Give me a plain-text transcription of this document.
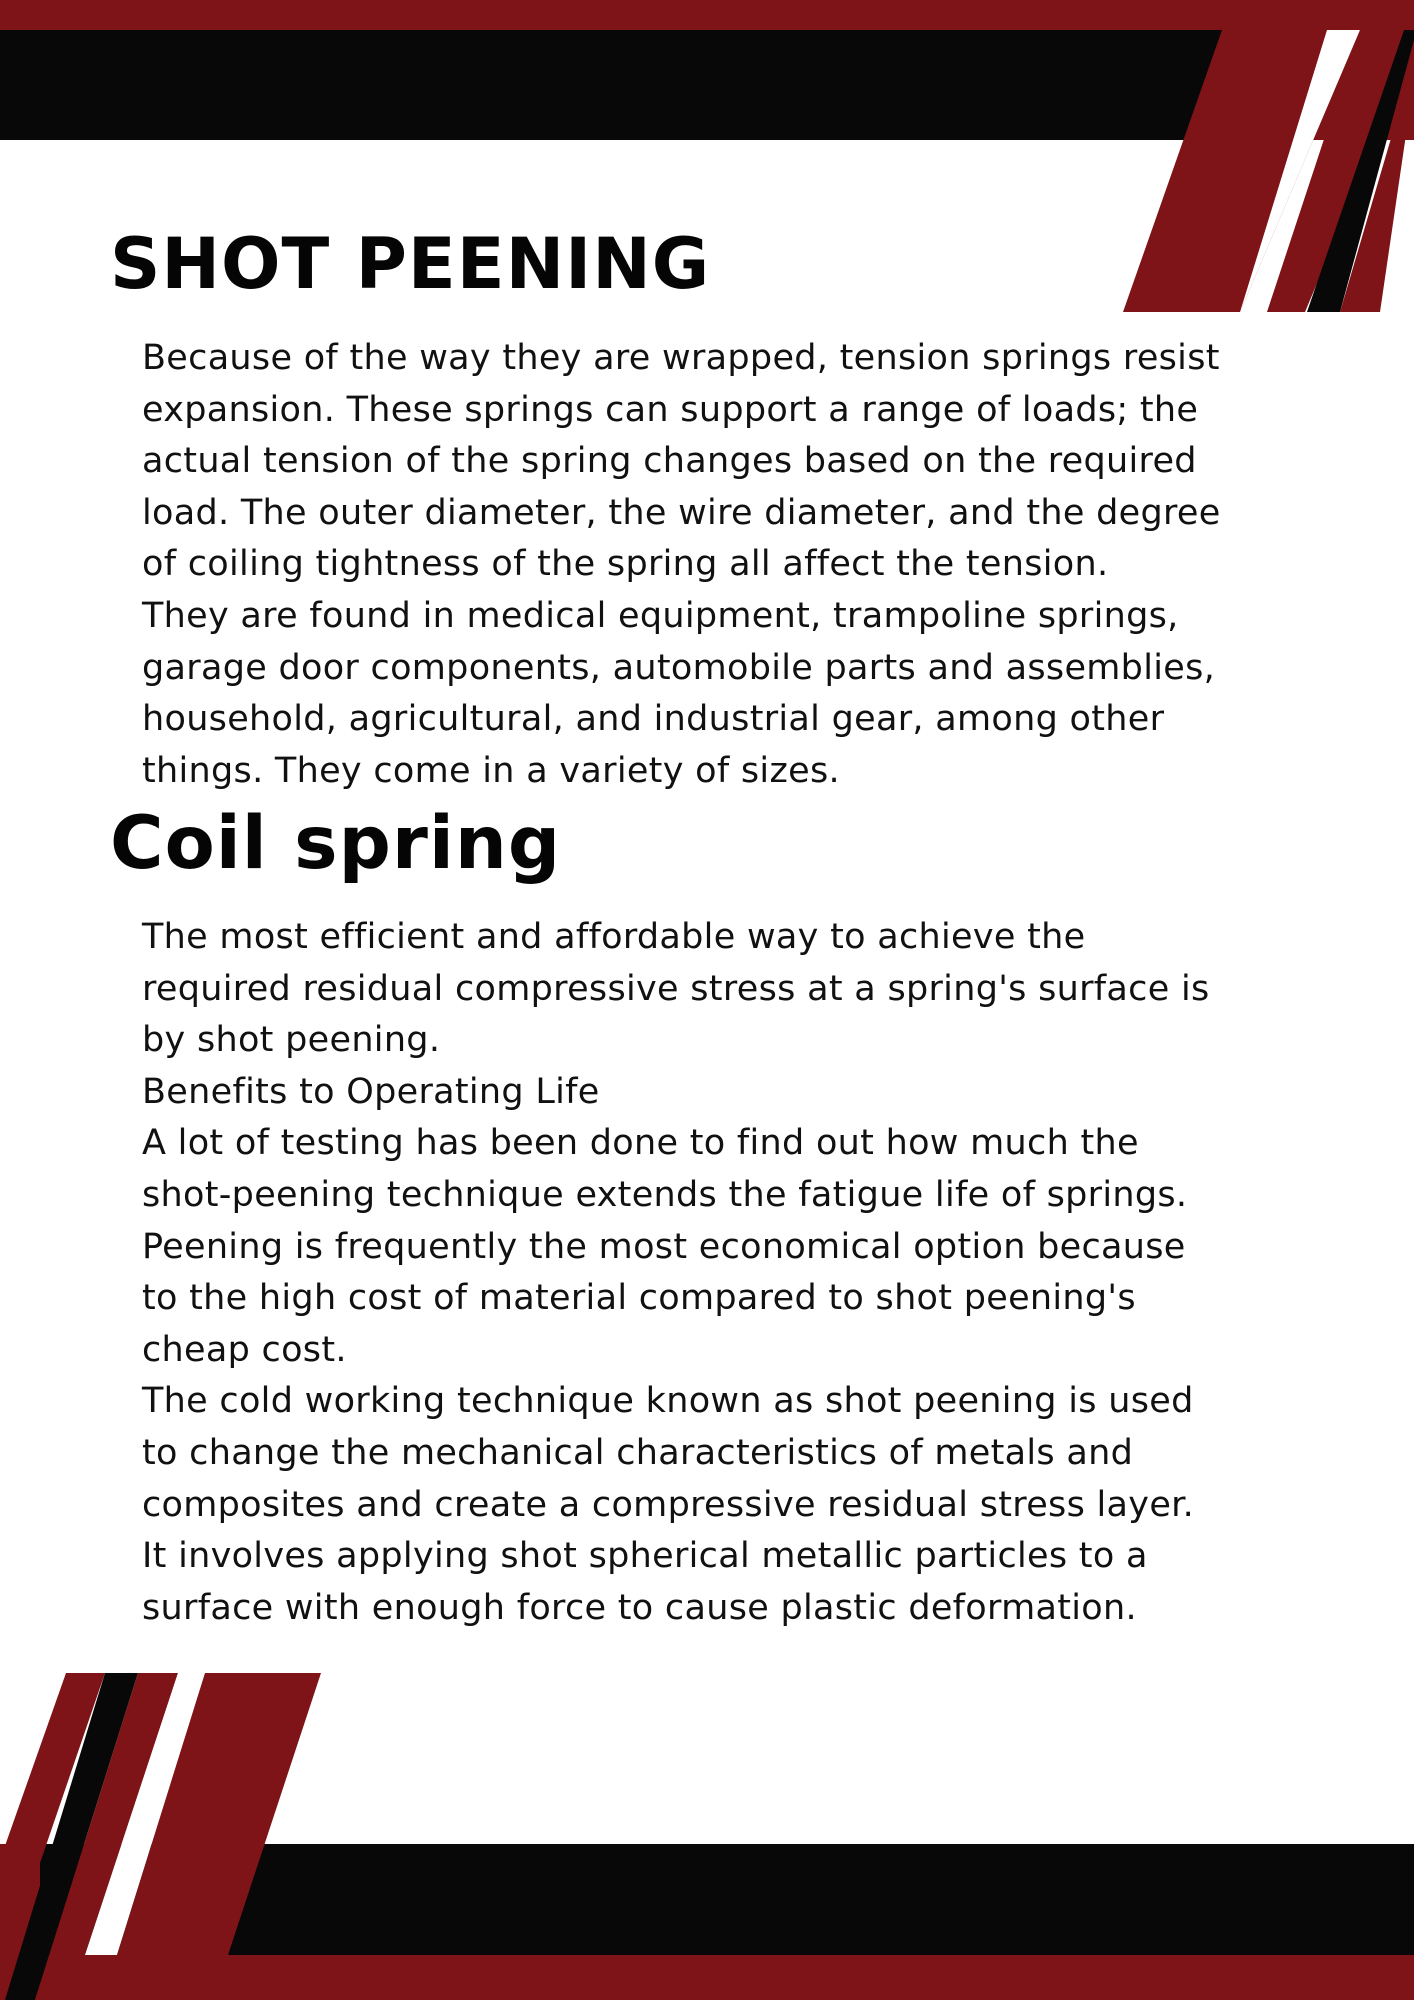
SHOT PEENING

Because of the way they are wrapped, tension springs resist

expansion. These springs can support a range of loads; the

actual tension of the spring changes based on the required

load. The outer diameter, the wire diameter, and the degree

of coiling tightness of the spring all affect the tension.

They are found in medical equipment, trampoline springs,

garage door components, automobile parts and assemblies,

household, agricultural, and industrial gear, among other

things. They come in a variety of sizes.

Coil spring

The most efficient and affordable way to achieve the

required residual compressive stress at a spring's surface is

by shot peening.

Benefits to Operating Life

A lot of testing has been done to find out how much the

shot-peening technique extends the fatigue life of springs.

Peening is frequently the most economical option because

to the high cost of material compared to shot peening's

cheap cost.

The cold working technique known as shot peening is used

to change the mechanical characteristics of metals and

composites and create a compressive residual stress layer.

It involves applying shot spherical metallic particles to a

surface with enough force to cause plastic deformation.
